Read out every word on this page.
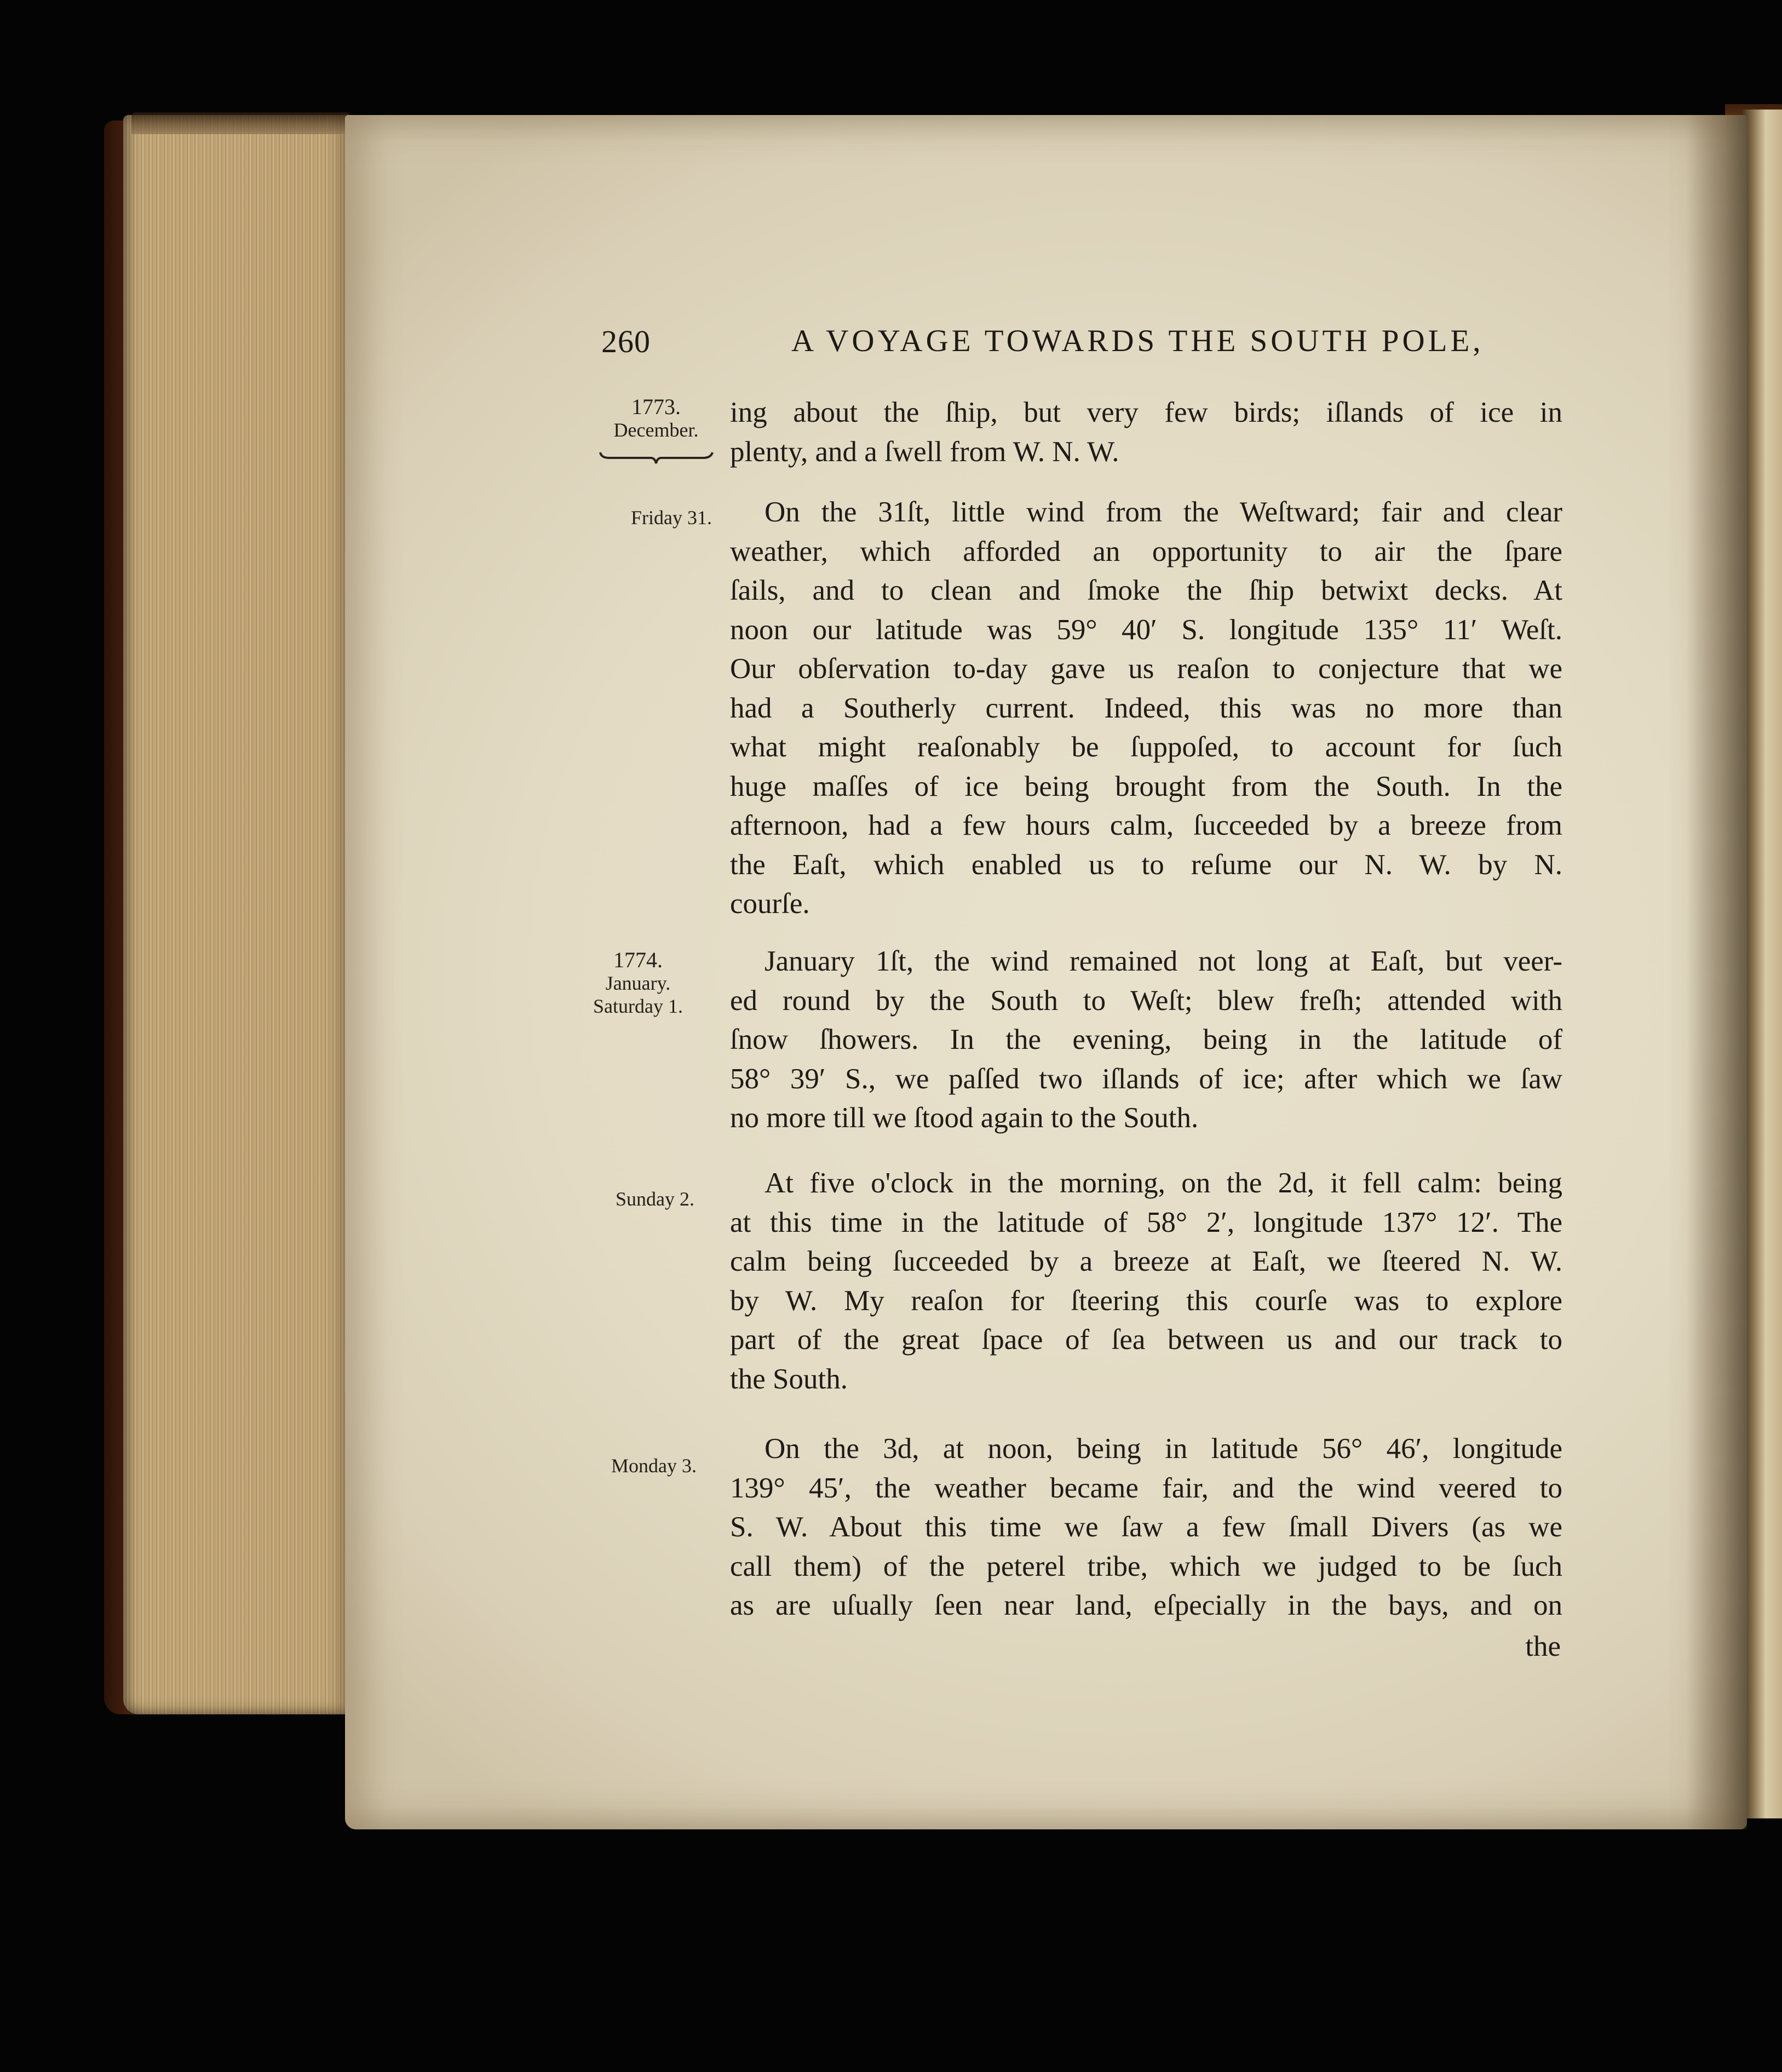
260	A VOYAGE TOWARDS THE SOUTH POLE,
1773.
December.
Friday 31.
1774.
January.
Saturday 1.
Sunday 2.
Monday 3.
ing about the ſhip, but very few birds; iſlands of ice in
plenty, and a ſwell from W. N. W.
On the 31ſt, little wind from the Weſtward; fair and clear
weather, which afforded an opportunity to air the ſpare
ſails, and to clean and ſmoke the ſhip betwixt decks. At
noon our latitude was 59° 40′ S. longitude 135° 11′ Weſt.
Our obſervation to-day gave us reaſon to conjecture that we
had a Southerly current. Indeed, this was no more than
what might reaſonably be ſuppoſed, to account for ſuch
huge maſſes of ice being brought from the South. In the
afternoon, had a few hours calm, ſucceeded by a breeze from
the Eaſt, which enabled us to reſume our N. W. by N.
courſe.
January 1ſt, the wind remained not long at Eaſt, but veer-
ed round by the South to Weſt; blew freſh; attended with
ſnow ſhowers. In the evening, being in the latitude of
58° 39′ S., we paſſed two iſlands of ice; after which we ſaw
no more till we ſtood again to the South.
At five o'clock in the morning, on the 2d, it fell calm: being
at this time in the latitude of 58° 2′, longitude 137° 12′. The
calm being ſucceeded by a breeze at Eaſt, we ſteered N. W.
by W. My reaſon for ſteering this courſe was to explore
part of the great ſpace of ſea between us and our track to
the South.
On the 3d, at noon, being in latitude 56° 46′, longitude
139° 45′, the weather became fair, and the wind veered to
S. W. About this time we ſaw a few ſmall Divers (as we
call them) of the peterel tribe, which we judged to be ſuch
as are uſually ſeen near land, eſpecially in the bays, and on
the
